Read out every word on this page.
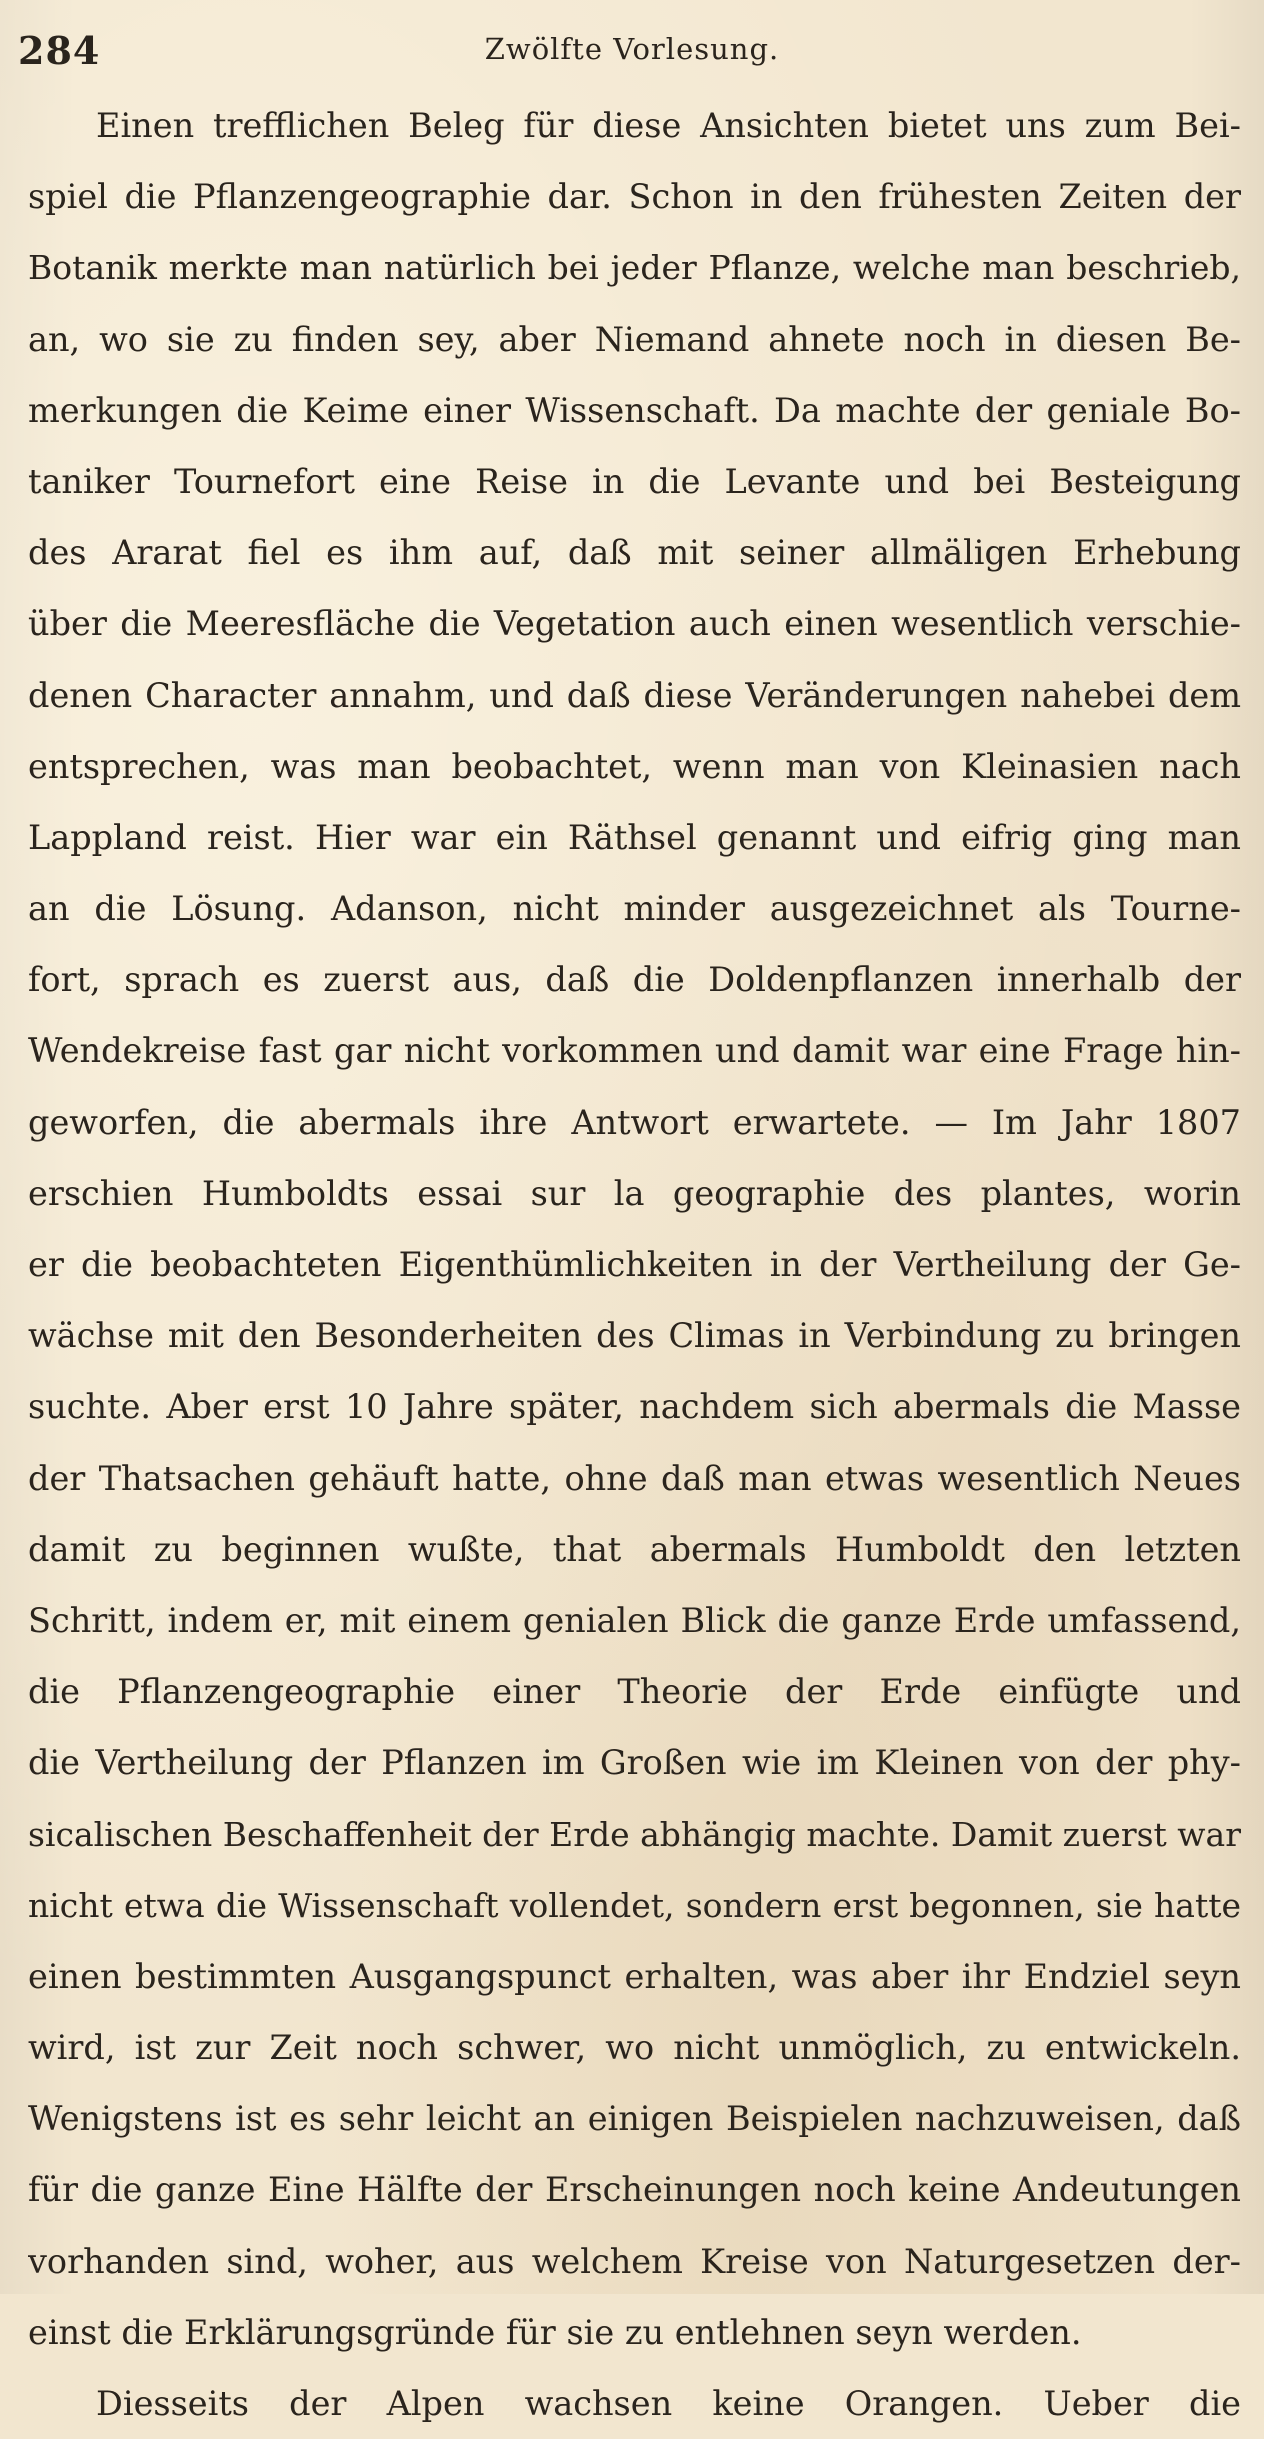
284	Zwölfte Vorlesung.
Einen trefflichen Beleg für diese Ansichten bietet uns zum Bei-
spiel die Pflanzengeographie dar. Schon in den frühesten Zeiten der
Botanik merkte man natürlich bei jeder Pflanze, welche man beschrieb,
an, wo sie zu finden sey, aber Niemand ahnete noch in diesen Be-
merkungen die Keime einer Wissenschaft. Da machte der geniale Bo-
taniker Tournefort eine Reise in die Levante und bei Besteigung
des Ararat fiel es ihm auf, daß mit seiner allmäligen Erhebung
über die Meeresfläche die Vegetation auch einen wesentlich verschie-
denen Character annahm, und daß diese Veränderungen nahebei dem
entsprechen, was man beobachtet, wenn man von Kleinasien nach
Lappland reist. Hier war ein Räthsel genannt und eifrig ging man
an die Lösung. Adanson, nicht minder ausgezeichnet als Tourne-
fort, sprach es zuerst aus, daß die Doldenpflanzen innerhalb der
Wendekreise fast gar nicht vorkommen und damit war eine Frage hin-
geworfen, die abermals ihre Antwort erwartete. — Im Jahr 1807
erschien Humboldts essai sur la geographie des plantes, worin
er die beobachteten Eigenthümlichkeiten in der Vertheilung der Ge-
wächse mit den Besonderheiten des Climas in Verbindung zu bringen
suchte. Aber erst 10 Jahre später, nachdem sich abermals die Masse
der Thatsachen gehäuft hatte, ohne daß man etwas wesentlich Neues
damit zu beginnen wußte, that abermals Humboldt den letzten
Schritt, indem er, mit einem genialen Blick die ganze Erde umfassend,
die Pflanzengeographie einer Theorie der Erde einfügte und
die Vertheilung der Pflanzen im Großen wie im Kleinen von der phy-
sicalischen Beschaffenheit der Erde abhängig machte. Damit zuerst war
nicht etwa die Wissenschaft vollendet, sondern erst begonnen, sie hatte
einen bestimmten Ausgangspunct erhalten, was aber ihr Endziel seyn
wird, ist zur Zeit noch schwer, wo nicht unmöglich, zu entwickeln.
Wenigstens ist es sehr leicht an einigen Beispielen nachzuweisen, daß
für die ganze Eine Hälfte der Erscheinungen noch keine Andeutungen
vorhanden sind, woher, aus welchem Kreise von Naturgesetzen der-
einst die Erklärungsgründe für sie zu entlehnen seyn werden.
Diesseits der Alpen wachsen keine Orangen. Ueber die
